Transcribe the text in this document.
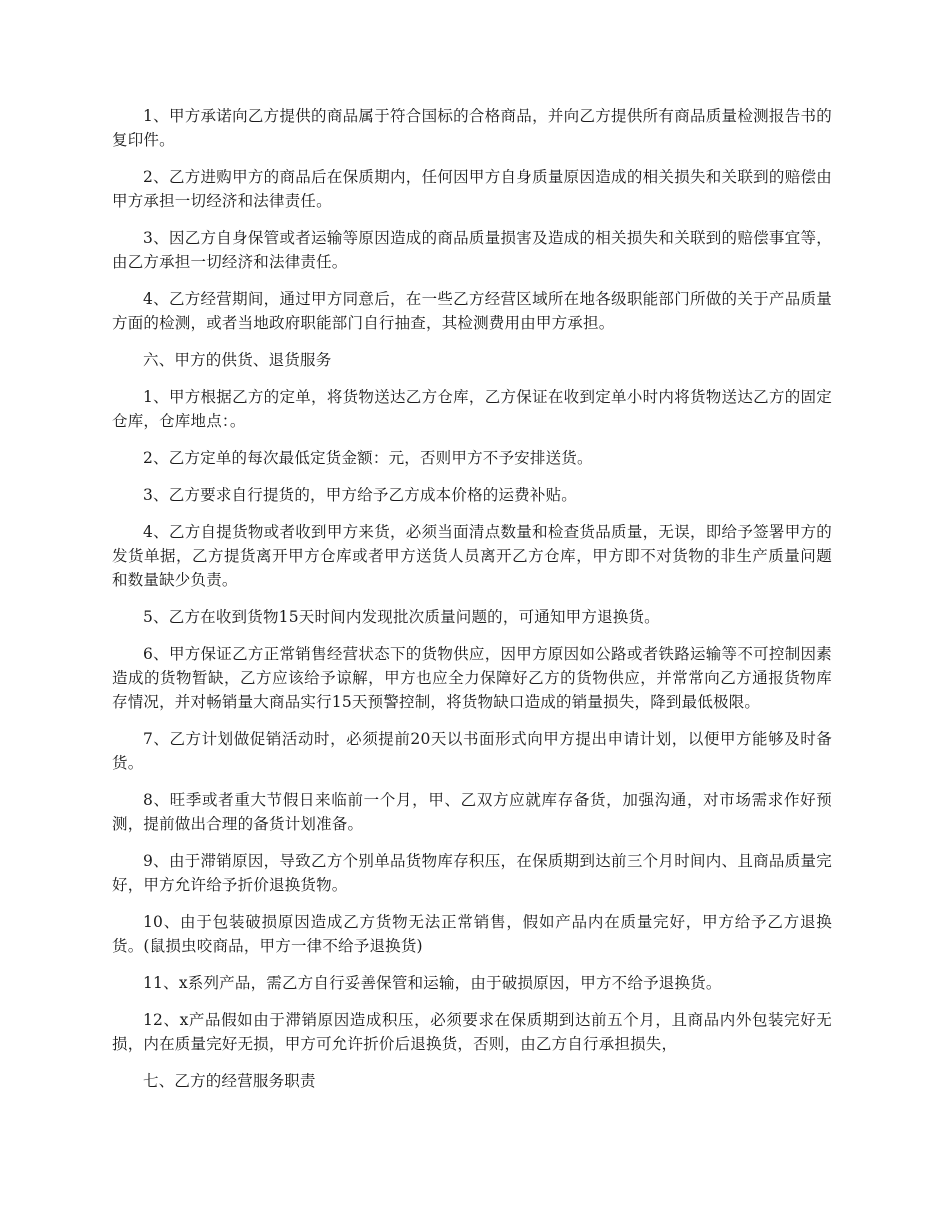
1、甲方承诺向乙方提供的商品属于符合国标的合格商品，并向乙方提供所有商品质量检测报告书的复印件。

2、乙方进购甲方的商品后在保质期内，任何因甲方自身质量原因造成的相关损失和关联到的赔偿由甲方承担一切经济和法律责任。

3、因乙方自身保管或者运输等原因造成的商品质量损害及造成的相关损失和关联到的赔偿事宜等，由乙方承担一切经济和法律责任。

4、乙方经营期间，通过甲方同意后，在一些乙方经营区域所在地各级职能部门所做的关于产品质量方面的检测，或者当地政府职能部门自行抽查，其检测费用由甲方承担。

六、甲方的供货、退货服务

1、甲方根据乙方的定单，将货物送达乙方仓库，乙方保证在收到定单小时内将货物送达乙方的固定仓库，仓库地点：。

2、乙方定单的每次最低定货金额：元，否则甲方不予安排送货。

3、乙方要求自行提货的，甲方给予乙方成本价格的运费补贴。

4、乙方自提货物或者收到甲方来货，必须当面清点数量和检查货品质量，无误，即给予签署甲方的发货单据，乙方提货离开甲方仓库或者甲方送货人员离开乙方仓库，甲方即不对货物的非生产质量问题和数量缺少负责。

5、乙方在收到货物15天时间内发现批次质量问题的，可通知甲方退换货。

6、甲方保证乙方正常销售经营状态下的货物供应，因甲方原因如公路或者铁路运输等不可控制因素造成的货物暂缺，乙方应该给予谅解，甲方也应全力保障好乙方的货物供应，并常常向乙方通报货物库存情况，并对畅销量大商品实行15天预警控制，将货物缺口造成的销量损失，降到最低极限。

7、乙方计划做促销活动时，必须提前20天以书面形式向甲方提出申请计划，以便甲方能够及时备货。

8、旺季或者重大节假日来临前一个月，甲、乙双方应就库存备货，加强沟通，对市场需求作好预测，提前做出合理的备货计划准备。

9、由于滞销原因，导致乙方个别单品货物库存积压，在保质期到达前三个月时间内、且商品质量完好，甲方允许给予折价退换货物。

10、由于包装破损原因造成乙方货物无法正常销售，假如产品内在质量完好，甲方给予乙方退换货。(鼠损虫咬商品，甲方一律不给予退换货)

11、x系列产品，需乙方自行妥善保管和运输，由于破损原因，甲方不给予退换货。

12、x产品假如由于滞销原因造成积压，必须要求在保质期到达前五个月，且商品内外包装完好无损，内在质量完好无损，甲方可允许折价后退换货，否则，由乙方自行承担损失，

七、乙方的经营服务职责
